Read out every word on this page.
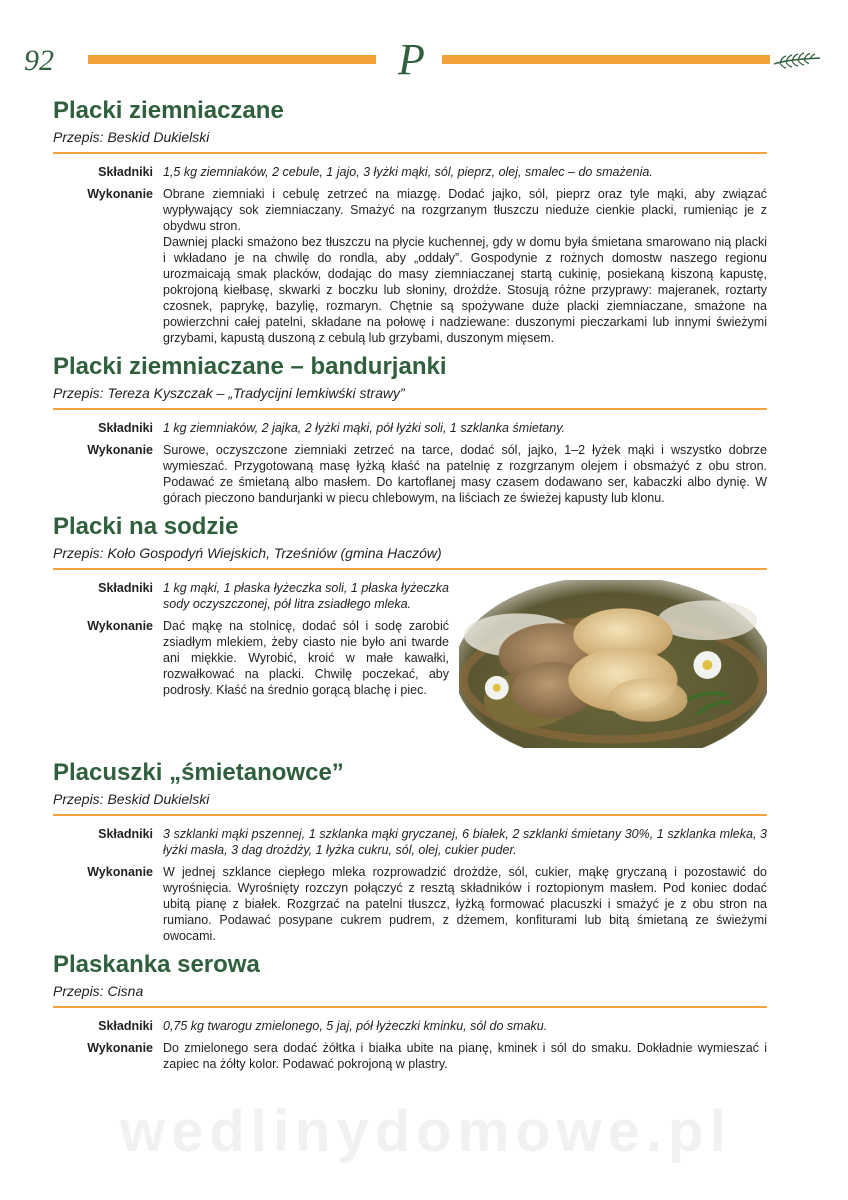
92	P
Placki ziemniaczane

Przepis: Beskid Dukielski

Składniki 1,5 kg ziemniaków, 2 cebule, 1 jajo, 3 łyżki mąki, sól, pieprz, olej, smalec – do smażenia.
Wykonanie Obrane ziemniaki i cebulę zetrzeć na miazgę. Dodać jajko, sól, pieprz oraz tyle mąki, aby związać wypływający sok ziemniaczany. Smażyć na rozgrzanym tłuszczu nieduże cienkie placki, rumieniąc je z obydwu stron.
Dawniej placki smażono bez tłuszczu na płycie kuchennej, gdy w domu była śmietana smarowano nią placki i wkładano je na chwilę do rondla, aby „oddały”. Gospodynie z rożnych domostw naszego regionu urozmaicają smak placków, dodając do masy ziemniaczanej startą cukinię, posiekaną kiszoną kapustę, pokrojoną kiełbasę, skwarki z boczku lub słoniny, drożdże. Stosują różne przyprawy: majeranek, roztarty czosnek, paprykę, bazylię, rozmaryn. Chętnie są spożywane duże placki ziemniaczane, smażone na powierzchni całej patelni, składane na połowę i nadziewane: duszonymi pieczarkami lub innymi świeżymi grzybami, kapustą duszoną z cebulą lub grzybami, duszonym mięsem.
Placki ziemniaczane – bandurjanki

Przepis: Tereza Kyszczak – „Tradycijni lemkiwśki strawy”

Składniki 1 kg ziemniaków, 2 jajka, 2 łyżki mąki, pół łyżki soli, 1 szklanka śmietany.
Wykonanie Surowe, oczyszczone ziemniaki zetrzeć na tarce, dodać sól, jajko, 1–2 łyżek mąki i wszystko dobrze wymieszać. Przygotowaną masę łyżką kłaść na patelnię z rozgrzanym olejem i obsmażyć z obu stron. Podawać ze śmietaną albo masłem. Do kartoflanej masy czasem dodawano ser, kabaczki albo dynię. W górach pieczono bandurjanki w piecu chlebowym, na liściach ze świeżej kapusty lub klonu.
Placki na sodzie

Przepis: Koło Gospodyń Wiejskich, Trześniów (gmina Haczów)

Składniki 1 kg mąki, 1 płaska łyżeczka soli, 1 płaska łyżeczka sody oczyszczonej, pół litra zsiadłego mleka.
Wykonanie Dać mąkę na stolnicę, dodać sól i sodę zarobić zsiadłym mlekiem, żeby ciasto nie było ani twarde ani miękkie. Wyrobić, kroić w małe kawałki, rozwałkować na placki. Chwilę poczekać, aby podrosły. Kłaść na średnio gorącą blachę i piec.
Placuszki „śmietanowce”

Przepis: Beskid Dukielski

Składniki 3 szklanki mąki pszennej, 1 szklanka mąki gryczanej, 6 białek, 2 szklanki śmietany 30%, 1 szklanka mleka, 3 łyżki masła, 3 dag drożdży, 1 łyżka cukru, sól, olej, cukier puder.
Wykonanie W jednej szklance ciepłego mleka rozprowadzić drożdże, sól, cukier, mąkę gryczaną i pozostawić do wyrośnięcia. Wyrośnięty rozczyn połączyć z resztą składników i roztopionym masłem. Pod koniec dodać ubitą pianę z białek. Rozgrzać na patelni tłuszcz, łyżką formować placuszki i smażyć je z obu stron na rumiano. Podawać posypane cukrem pudrem, z dżemem, konfiturami lub bitą śmietaną ze świeżymi owocami.
Plaskanka serowa

Przepis: Cisna

Składniki 0,75 kg twarogu zmielonego, 5 jaj, pół łyżeczki kminku, sól do smaku.
Wykonanie Do zmielonego sera dodać żółtka i białka ubite na pianę, kminek i sól do smaku. Dokładnie wymieszać i zapiec na żółty kolor. Podawać pokrojoną w plastry.
wedlinydomowe.pl
